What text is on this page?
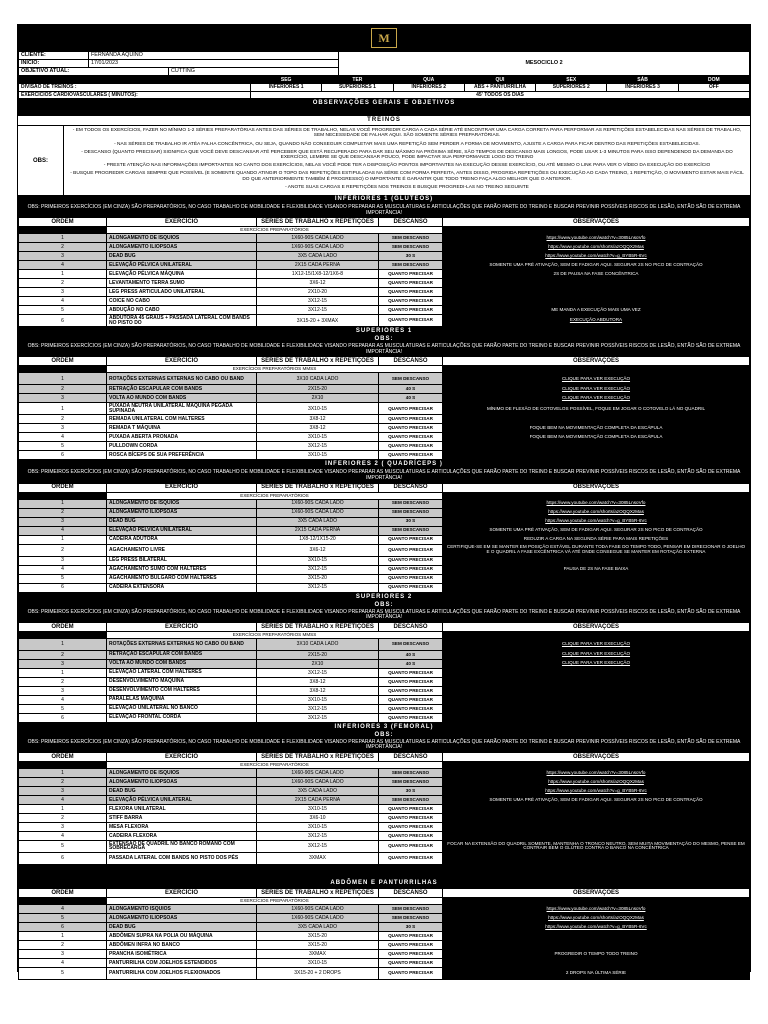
M
CLIENTE:	FERNANDA AQUINO		MESOCICLO 2
INÍCIO:	17/01/2023		
OBJETIVO ATUAL:		CUTTING	
	SEG	TER	QUA	QUI	SEX	SÁB	DOM
DIVISÃO DE TREINOS :	INFERIORES 1	SUPERIORES 1	INFERIORES 2	ABS + PANTURRILHA	SUPERIORES 2	INFERIORES 3	OFF
EXERCÍCIOS CARDIOVASCULARES ( MINUTOS):	45' TODOS OS DIAS						
OBSERVAÇÕES GERAIS E OBJETIVOS
TREINOS
OBS:

- EM TODOS OS EXERCÍCIOS, FAZER NO MÍNIMO 1-2 SÉRIES PREPARATÓRIAS ANTES DAS SÉRIES DE TRABALHO, NELAS VOCÊ PROGREDIR CARGA A CADA SÉRIE ATÉ ENCONTRAR UMA CARGA CORRETA PARA PERFORMAR AS REPETIÇÕES ESTABELECIDAS NAS SÉRIES DE TRABALHO, SEM NECESSIDADE DE FALHAR AQUI. SÃO SOMENTE SÉRIES PREPARATÓRIAS.

- NAS SÉRIES DE TRABALHO IR ATÉA FALHA CONCÊNTRICA, OU SEJA, QUANDO NÃO CONSEGUIR COMPLETAR MAIS UMA REPETIÇÃO SEM PERDER A FORMA DE MOVIMENTO, AJUSTE A CARGA PARA FICAR DENTRO DAS REPETIÇÕES ESTABELECIDAS.

- DESCANSO (QUANTO PRECISAR) SIGNIFICA QUE VOCÊ DEVE DESCANSAR ATÉ PERCEBER QUE ESTÁ RECUPERADO PARA DAR SEU MÁXIMO NA PRÓXIMA SÉRIE, SÃO TEMPOS DE DESCANSO MAIS LONGOS, PODE USAR 1-3 MINUTOS PARA ISSO DEPENDENDO DA DEMANDA DO EXERCÍCIO, LEMBRE SE QUE DESCANSAR POUCO, PODE IMPACTAR SUA PERFORMANCE LOGO DO TREINO

- PRESTE ATENÇÃO NAS INFORMAÇÕES IMPORTANTES NO CANTO DOS EXERCÍCIOS, NELAS VOCÊ PODE TER A DISPOSIÇÃO PONTOS IMPORTANTES NA EXECUÇÃO DESSE EXERCÍCIO, OU ATÉ MESMO O LINK PARA VER O VÍDEO DA EXECUÇÃO DO EXERCÍCIO

- BUSQUE PROGREDIR CARGAS SEMPRE QUE POSSÍVEL (E SOMENTE QUANDO ATINGIR O TOPO DAS REPETIÇÕES ESTIPULADAS NA SÉRIE COM FORMA PERFEITA, ANTES DISSO, PROGRIDA REPETIÇÕES OU EXECUÇÃO AO CADA TREINO, 1 REPETIÇÃO, O MOVIMENTO ESTAR MAIS FÁCIL DO QUE ANTERIORMENTE TAMBÉM É PROGRESSO) O IMPORTANTE É GARANTIR QUE TODO TREINO FAÇA ALGO MELHOR QUE O ANTERIOR.

- ANOTE SUAS CARGAS E REPETIÇÕES NOS TREINOS E BUSQUE PROGREDI-LAS NO TREINO SEGUINTE

INFERIORES 1 (GLÚTEOS)
OBS: PRIMEIROS EXERCÍCIOS (EM CINZA) SÃO PREPARATÓRIOS, NO CASO TRABALHO DE MOBILIDADE E FLEXIBILIDADE VISANDO PREPARAR AS MUSCULATURAS E ARTICULAÇÕES QUE FARÃO PARTE DO TREINO E BUSCAR PREVINIR POSSÍVEIS RISCOS DE LESÃO, ENTÃO SÃO DE EXTREMA IMPORTÂNCIA!
ORDEM	EXERCÍCIO	SÉRIES DE TRABALHO x REPETIÇÕES	DESCANSO	OBSERVAÇÕES
	EXERCÍCIOS PREPARATÓRIOS			
1	ALONGAMENTO DE ISQUIOS	1X60-90S CADA LADO	SEM DESCANSO	https://www.youtube.com/watch?v=3085LnsoVfo
2	ALONGAMENTO ILIOPSOAS	1X60-90S CADA LADO	SEM DESCANSO	https://www.youtube.com/shorts/azOQQXzMas
3	DEAD BUG	3X5 CADA LADO	30 S	https://www.youtube.com/watch?v=g_BYB5R-6Vc
4	ELEVAÇÃO PÉLVICA UNILATERAL	2X15 CADA PERNA	SEM DESCANSO	SOMENTE UMA PRÉ ATIVAÇÃO, SEM DE FADIGAR AQUI. SEGURAR 2S NO PICO DE CONTRAÇÃO
1	ELEVAÇÃO PÉLVICA MÁQUINA	1X12-15/1X8-12/1X6-8	QUANTO PRECISAR	2S DE PAUSA NA FASE CONCÊNTRICA
2	LEVANTAMENTO TERRA SUMO	3X6-12	QUANTO PRECISAR	
3	LEG PRESS ARTICULADO UNILATERAL	2X10-20	QUANTO PRECISAR	
4	COICE NO CABO	3X12-15	QUANTO PRECISAR	
5	ABDUÇÃO NO CABO	3X12-15	QUANTO PRECISAR	ME MANDA A EXECUÇÃO MAIS UMA VEZ
6	ABDUTORA 45 GRAUS + PASSADA LATERAL COM BANDS NO PISTO DO	3X15-20 + 3XMAX	QUANTO PRECISAR	EXECUÇÃO ABDUTORA
SUPERIORES 1
OBS:
OBS: PRIMEIROS EXERCÍCIOS (EM CINZA) SÃO PREPARATÓRIOS, NO CASO TRABALHO DE MOBILIDADE E FLEXIBILIDADE VISANDO PREPARAR AS MUSCULATURAS E ARTICULAÇÕES QUE FARÃO PARTE DO TREINO E BUSCAR PREVINIR POSSÍVEIS RISCOS DE LESÃO, ENTÃO SÃO DE EXTREMA IMPORTÂNCIA!
ORDEM	EXERCÍCIO	SÉRIES DE TRABALHO x REPETIÇÕES	DESCANSO	OBSERVAÇÕES
	EXERCÍCIOS PREPARATÓRIOS MMSS			
1	ROTAÇÕES EXTERNAS EXTERNAS NO CABO OU BAND	3X10 CADA LADO	SEM DESCANSO	CLIQUE PARA VER EXECUÇÃO
2	RETRAÇÃO ESCAPULAR COM BANDS	2X15-20	40 S	CLIQUE PARA VER EXECUÇÃO
3	VOLTA AO MUNDO COM BANDS	2X10	40 S	CLIQUE PARA VER EXECUÇÃO
1	PUXADA NEUTRA UNILATERAL MÁQUINA PEGADA SUPINADA	3X10-15	QUANTO PRECISAR	MÍNIMO DE FLEXÃO DE COTOVELOS POSSÍVEL, FOQUE EM JOGAR O COTOVELO LÁ NO QUADRIL
2	REMADA UNILATERAL COM HALTERES	3X8-12	QUANTO PRECISAR	
3	REMADA T MÁQUINA	3X8-12	QUANTO PRECISAR	FOQUE BEM NA MOVIMENTAÇÃO COMPLETA DA ESCÁPULA
4	PUXADA ABERTA PRONADA	3X10-15	QUANTO PRECISAR	FOQUE BEM NA MOVIMENTAÇÃO COMPLETA DA ESCÁPULA
5	PULLDOWN CORDA	3X12-15	QUANTO PRECISAR	
6	ROSCA BÍCEPS DE SUA PREFERÊNCIA	3X10-15	QUANTO PRECISAR	
INFERIORES 2 ( QUADRÍCEPS )
OBS: PRIMEIROS EXERCÍCIOS (EM CINZA) SÃO PREPARATÓRIOS, NO CASO TRABALHO DE MOBILIDADE E FLEXIBILIDADE VISANDO PREPARAR AS MUSCULATURAS E ARTICULAÇÕES QUE FARÃO PARTE DO TREINO E BUSCAR PREVINIR POSSÍVEIS RISCOS DE LESÃO, ENTÃO SÃO DE EXTREMA IMPORTÂNCIA!
ORDEM	EXERCÍCIO	SÉRIES DE TRABALHO x REPETIÇÕES	DESCANSO	OBSERVAÇÕES
	EXERCÍCIOS PREPARATÓRIOS			
1	ALONGAMENTO DE ISQUIOS	1X60-90S CADA LADO	SEM DESCANSO	https://www.youtube.com/watch?v=3085LnsoVfo
2	ALONGAMENTO ILIOPSOAS	1X60-90S CADA LADO	SEM DESCANSO	https://www.youtube.com/shorts/azOQQXzMas
3	DEAD BUG	3X5 CADA LADO	30 S	https://www.youtube.com/watch?v=g_BYB5R-6Vc
4	ELEVAÇÃO PÉLVICA UNILATERAL	2X15 CADA PERNA	SEM DESCANSO	SOMENTE UMA PRÉ ATIVAÇÃO, SEM DE FADIGAR AQUI. SEGURAR 2S NO PICO DE CONTRAÇÃO
1	CADEIRA ADUTORA	1X8-12/1X15-20	QUANTO PRECISAR	REDUZIR A CARGA NA SEGUNDA SÉRIE PARA MAIS REPETIÇÕES
2	AGACHAMENTO LIVRE	3X6-12	QUANTO PRECISAR	CERTIFIQUE-SE EM SE MANTER EM POSIÇÃO ESTÁVEL DURANTE TODA FASE DO TEMPO TODO, PENSAR EM DIRECIONAR O JOELHO E O QUADRIL A FASE EXCÊNTRICA VÁ ATÉ ONDE CONSEGUE SE MANTER EM ROTAÇÃO EXTERNA
3	LEG PRESS BILATERAL	3X10-15	QUANTO PRECISAR	
4	AGACHAMENTO SUMÔ COM HALTERES	3X12-15	QUANTO PRECISAR	PAUSA DE 2S NA FASE BAIXA
5	AGACHAMENTO BÚLGARO COM HALTERES	3X15-20	QUANTO PRECISAR	
6	CADEIRA EXTENSORA	3X12-15	QUANTO PRECISAR	
SUPERIORES 2
OBS:
OBS: PRIMEIROS EXERCÍCIOS (EM CINZA) SÃO PREPARATÓRIOS, NO CASO TRABALHO DE MOBILIDADE E FLEXIBILIDADE VISANDO PREPARAR AS MUSCULATURAS E ARTICULAÇÕES QUE FARÃO PARTE DO TREINO E BUSCAR PREVINIR POSSÍVEIS RISCOS DE LESÃO, ENTÃO SÃO DE EXTREMA IMPORTÂNCIA!
ORDEM	EXERCÍCIO	SÉRIES DE TRABALHO x REPETIÇÕES	DESCANSO	OBSERVAÇÕES
	EXERCÍCIOS PREPARATÓRIOS MMSS			
1	ROTAÇÕES EXTERNAS EXTERNAS NO CABO OU BAND	3X10 CADA LADO	SEM DESCANSO	CLIQUE PARA VER EXECUÇÃO
2	RETRAÇÃO ESCAPULAR COM BANDS	2X15-20	40 S	CLIQUE PARA VER EXECUÇÃO
3	VOLTA AO MUNDO COM BANDS	2X10	40 S	CLIQUE PARA VER EXECUÇÃO
1	ELEVAÇÃO LATERAL COM HALTERES	3X12-15	QUANTO PRECISAR	
2	DESENVOLVIMENTO MÁQUINA	3X8-12	QUANTO PRECISAR	
3	DESENVOLVIMENTO COM HALTERES	3X8-12	QUANTO PRECISAR	
4	PARALELAS MÁQUINA	3X10-15	QUANTO PRECISAR	
5	ELEVAÇÃO UNILATERAL NO BANCO	3X12-15	QUANTO PRECISAR	
6	ELEVAÇÃO FRONTAL CORDA	3X12-15	QUANTO PRECISAR	
INFERIORES 3 (FEMORAL)
OBS:
OBS: PRIMEIROS EXERCÍCIOS (EM CINZA) SÃO PREPARATÓRIOS, NO CASO TRABALHO DE MOBILIDADE E FLEXIBILIDADE VISANDO PREPARAR AS MUSCULATURAS E ARTICULAÇÕES QUE FARÃO PARTE DO TREINO E BUSCAR PREVINIR POSSÍVEIS RISCOS DE LESÃO, ENTÃO SÃO DE EXTREMA IMPORTÂNCIA!
ORDEM	EXERCÍCIO	SÉRIES DE TRABALHO x REPETIÇÕES	DESCANSO	OBSERVAÇÕES
	EXERCÍCIOS PREPARATÓRIOS			
1	ALONGAMENTO DE ISQUIOS	1X60-90S CADA LADO	SEM DESCANSO	https://www.youtube.com/watch?v=3085LnsoVfo
2	ALONGAMENTO ILIOPSOAS	1X60-90S CADA LADO	SEM DESCANSO	https://www.youtube.com/shorts/azOQQXzMas
3	DEAD BUG	3X5 CADA LADO	30 S	https://www.youtube.com/watch?v=g_BYB5R-6Vc
4	ELEVAÇÃO PÉLVICA UNILATERAL	2X15 CADA PERNA	SEM DESCANSO	SOMENTE UMA PRÉ ATIVAÇÃO, SEM DE FADIGAR AQUI. SEGURAR 2S NO PICO DE CONTRAÇÃO
1	FLEXORA UNILATERAL	3X10-15	QUANTO PRECISAR	
2	STIFF BARRA	3X6-10	QUANTO PRECISAR	
3	MESA FLEXORA	3X10-15	QUANTO PRECISAR	
4	CADEIRA FLEXORA	3X12-15	QUANTO PRECISAR	
5	EXTENSÃO DE QUADRIL NO BANCO ROMANO COM SOBRECARGA	3X12-15	QUANTO PRECISAR	FOCAR NA EXTENSÃO DO QUADRIL SOMENTE, MANTENHA O TRONCO NEUTRO, SEM MUITA MOVIMENTAÇÃO DO MESMO, PENSE EM CONTRAIR BEM O GLÚTEO CONTRA O BANCO NA CONCÊNTRICA
6	PASSADA LATERAL COM BANDS NO PISTO DOS PÉS	3XMAX	QUANTO PRECISAR	
ABDÔMEN E PANTURRILHAS
ORDEM	EXERCÍCIO	SÉRIES DE TRABALHO x REPETIÇÕES	DESCANSO	OBSERVAÇÕES
	EXERCÍCIOS PREPARATÓRIOS			
4	ALONGAMENTO ISQUIOS	1X60-90S CADA LADO	SEM DESCANSO	https://www.youtube.com/watch?v=3085LnsoVfo
5	ALONGAMENTO ILIOPSOAS	1X60-90S CADA LADO	SEM DESCANSO	https://www.youtube.com/shorts/azOQQXzMas
6	DEAD BUG	3X5 CADA LADO	30 S	https://www.youtube.com/watch?v=g_BYB5R-6Vc
1	ABDÔMEN SUPRA NA POLIA OU MÁQUINA	3X15-20	QUANTO PRECISAR	
2	ABDÔMEN INFRA NO BANCO	3X15-20	QUANTO PRECISAR	
3	PRANCHA ISOMÉTRICA	3XMAX	QUANTO PRECISAR	PROGREDIR O TEMPO TODO TREINO
4	PANTURRILHA COM JOELHOS ESTENDIDOS	3X10-15	QUANTO PRECISAR	
5	PANTURRILHA COM JOELHOS FLEXIONADOS	3X15-20 + 2 DROPS	QUANTO PRECISAR	2 DROPS NA ÚLTIMA SÉRIE
